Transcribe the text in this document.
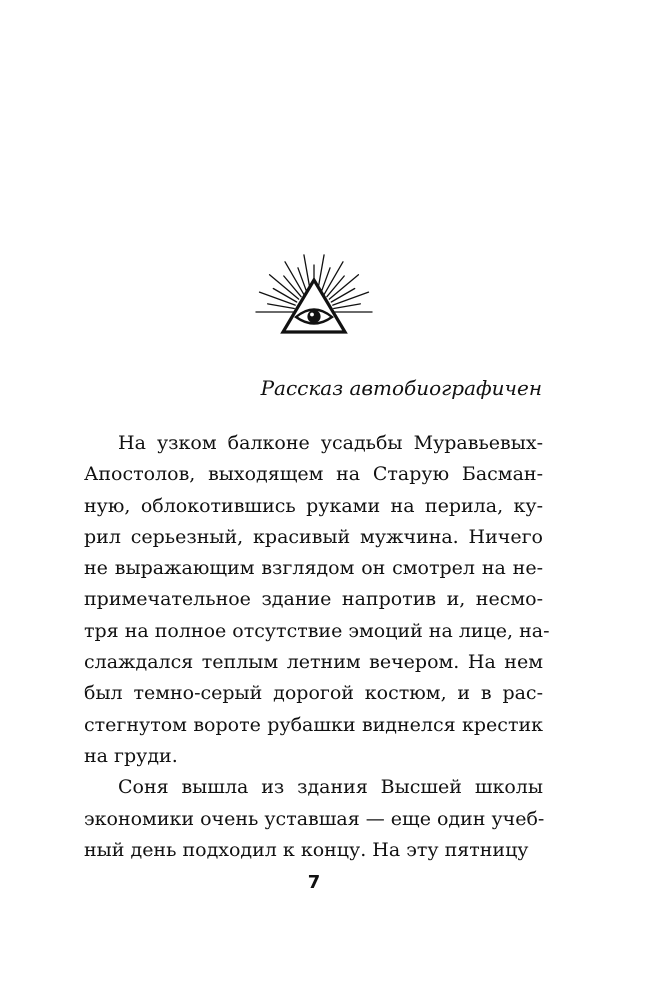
Рассказ автобиографичен

На узком балконе усадьбы Муравьевых-
Апостолов, выходящем на Старую Басман-
ную, облокотившись руками на перила, ку-
рил серьезный, красивый мужчина. Ничего
не выражающим взглядом он смотрел на не-
примечательное здание напротив и, несмо-
тря на полное отсутствие эмоций на лице, на-
слаждался теплым летним вечером. На нем
был темно-серый дорогой костюм, и в рас-
стегнутом вороте рубашки виднелся крестик
на груди.

Соня вышла из здания Высшей школы
экономики очень уставшая — еще один учеб-
ный день подходил к концу. На эту пятницу

7
